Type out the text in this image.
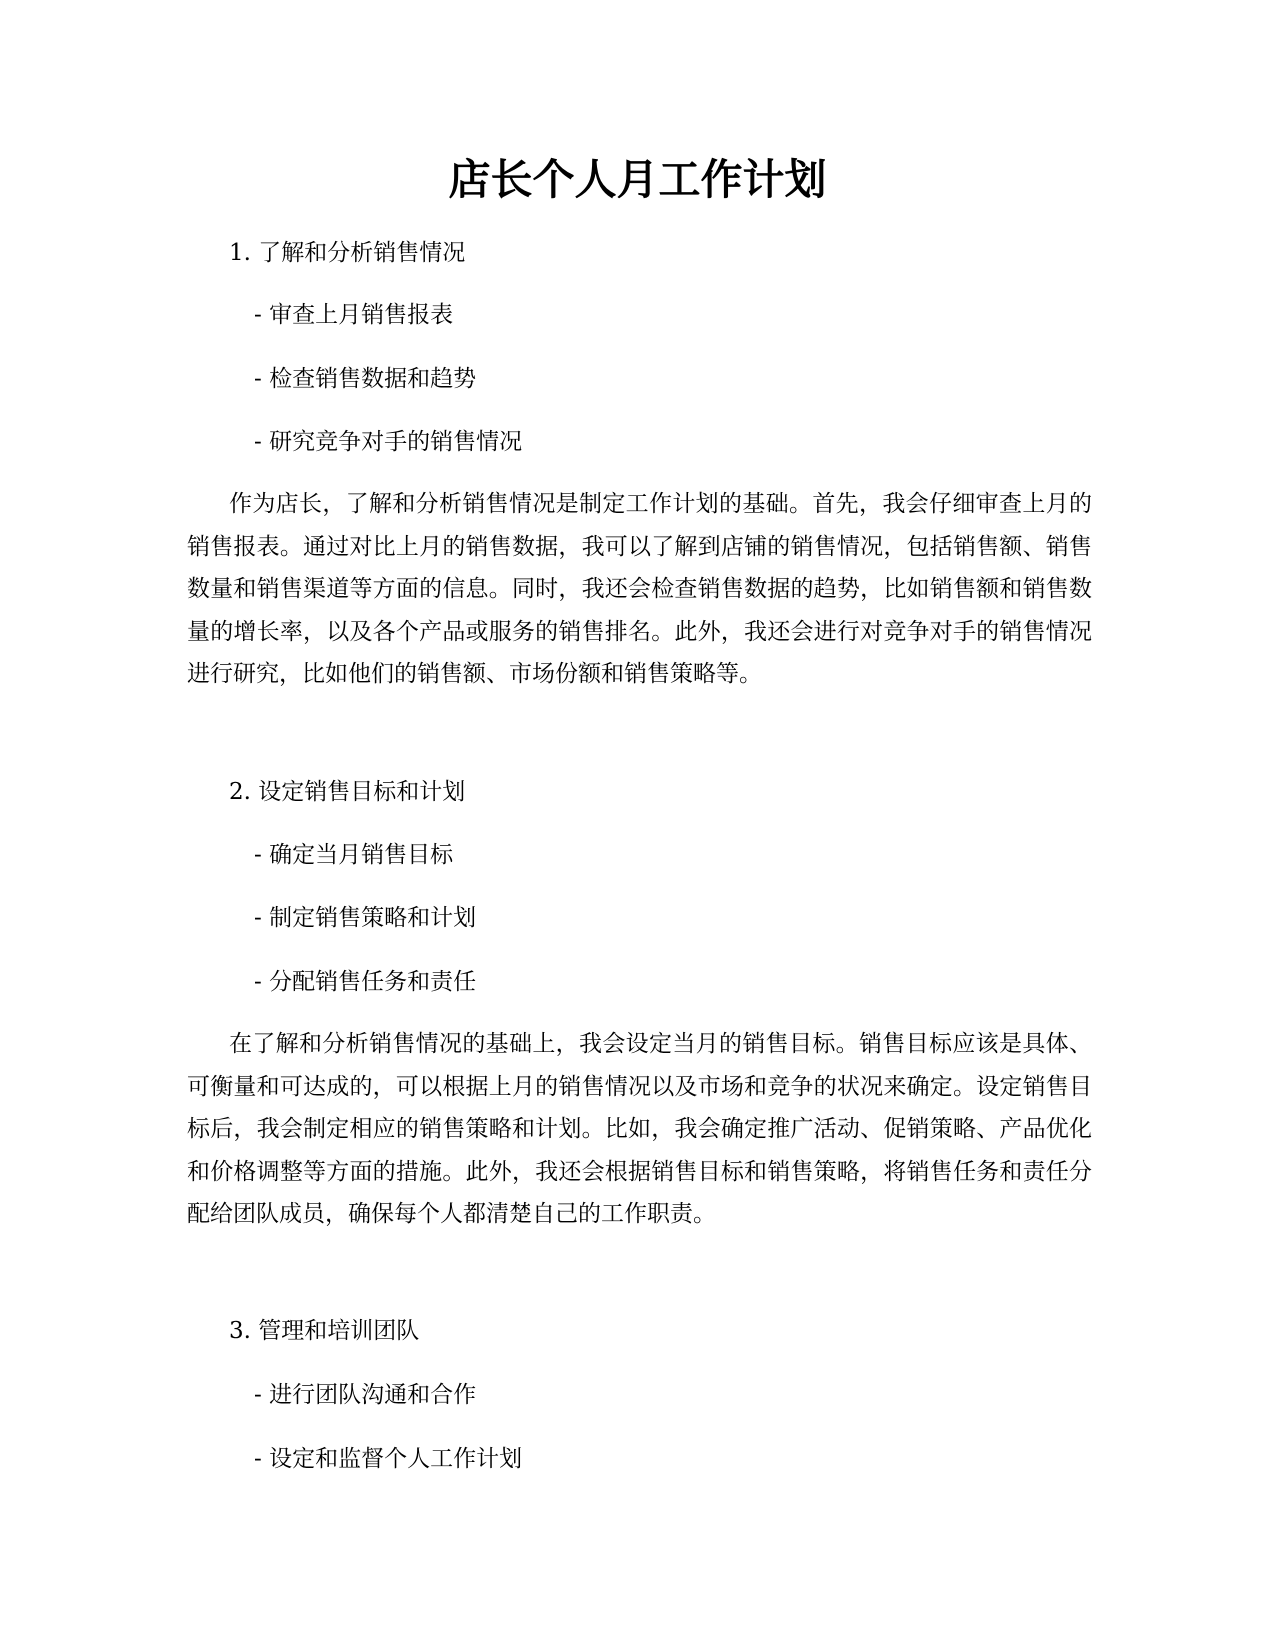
店长个人月工作计划

1. 了解和分析销售情况

- 审查上月销售报表

- 检查销售数据和趋势

- 研究竞争对手的销售情况

作为店长，了解和分析销售情况是制定工作计划的基础。首先，我会仔细审查上月的销售报表。通过对比上月的销售数据，我可以了解到店铺的销售情况，包括销售额、销售数量和销售渠道等方面的信息。同时，我还会检查销售数据的趋势，比如销售额和销售数量的增长率，以及各个产品或服务的销售排名。此外，我还会进行对竞争对手的销售情况进行研究，比如他们的销售额、市场份额和销售策略等。

2. 设定销售目标和计划

- 确定当月销售目标

- 制定销售策略和计划

- 分配销售任务和责任

在了解和分析销售情况的基础上，我会设定当月的销售目标。销售目标应该是具体、可衡量和可达成的，可以根据上月的销售情况以及市场和竞争的状况来确定。设定销售目标后，我会制定相应的销售策略和计划。比如，我会确定推广活动、促销策略、产品优化和价格调整等方面的措施。此外，我还会根据销售目标和销售策略，将销售任务和责任分配给团队成员，确保每个人都清楚自己的工作职责。

3. 管理和培训团队

- 进行团队沟通和合作

- 设定和监督个人工作计划
